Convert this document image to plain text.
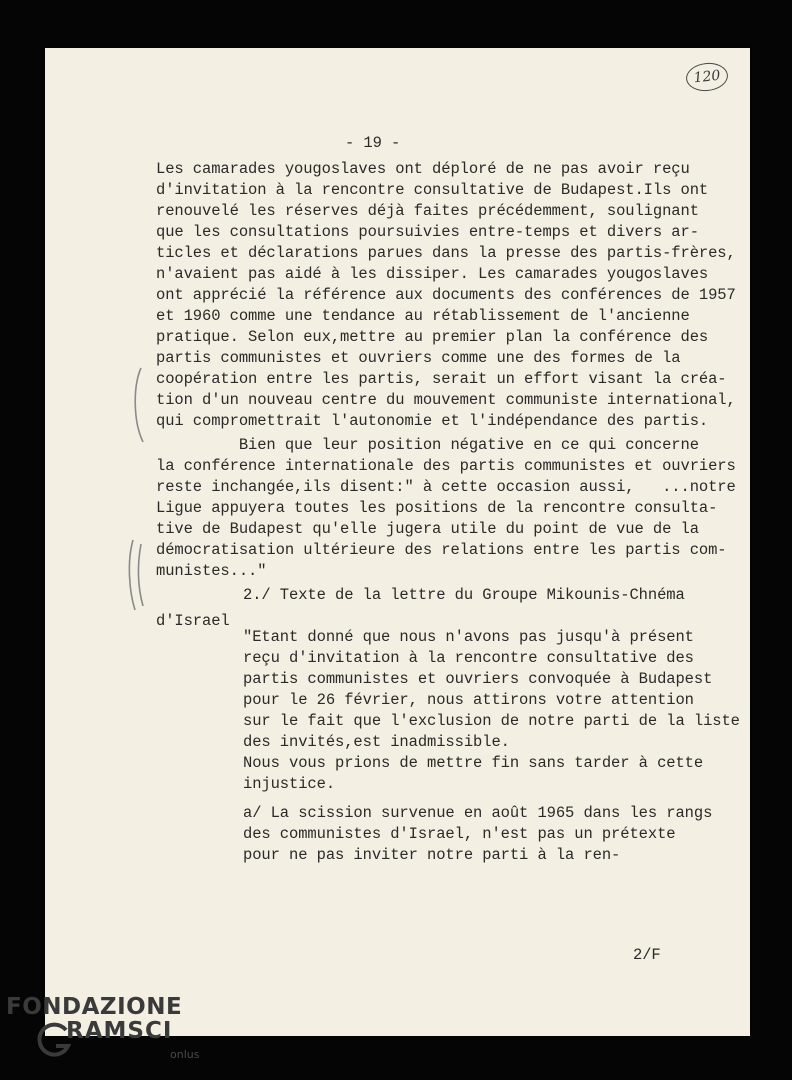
120
- 19 -

Les camarades yougoslaves ont déploré de ne pas avoir reçu

d'invitation à la rencontre consultative de Budapest.Ils ont

renouvelé les réserves déjà faites précédemment, soulignant

que les consultations poursuivies entre-temps et divers ar-

ticles et déclarations parues dans la presse des partis-frères,

n'avaient pas aidé à les dissiper. Les camarades yougoslaves

ont apprécié la référence aux documents des conférences de 1957

et 1960 comme une tendance au rétablissement de l'ancienne

pratique. Selon eux,mettre au premier plan la conférence des

partis communistes et ouvriers comme une des formes de la

coopération entre les partis, serait un effort visant la créa-

tion d'un nouveau centre du mouvement communiste international,

qui compromettrait l'autonomie et l'indépendance des partis.

Bien que leur position négative en ce qui concerne

la conférence internationale des partis communistes et ouvriers

reste inchangée,ils disent:" à cette occasion aussi,   ...notre

Ligue appuyera toutes les positions de la rencontre consulta-

tive de Budapest qu'elle jugera utile du point de vue de la

démocratisation ultérieure des relations entre les partis com-

munistes..."

2./ Texte de la lettre du Groupe Mikounis-Chnéma
d'Israel

"Etant donné que nous n'avons pas jusqu'à présent

reçu d'invitation à la rencontre consultative des

partis communistes et ouvriers convoquée à Budapest

pour le 26 février, nous attirons votre attention

sur le fait que l'exclusion de notre parti de la liste

des invités,est inadmissible.

Nous vous prions de mettre fin sans tarder à cette

injustice.

a/ La scission survenue en août 1965 dans les rangs

des communistes d'Israel, n'est pas un prétexte

pour ne pas inviter notre parti à la ren-

2/F
FONDAZIONE
RAMSCI
onlus
